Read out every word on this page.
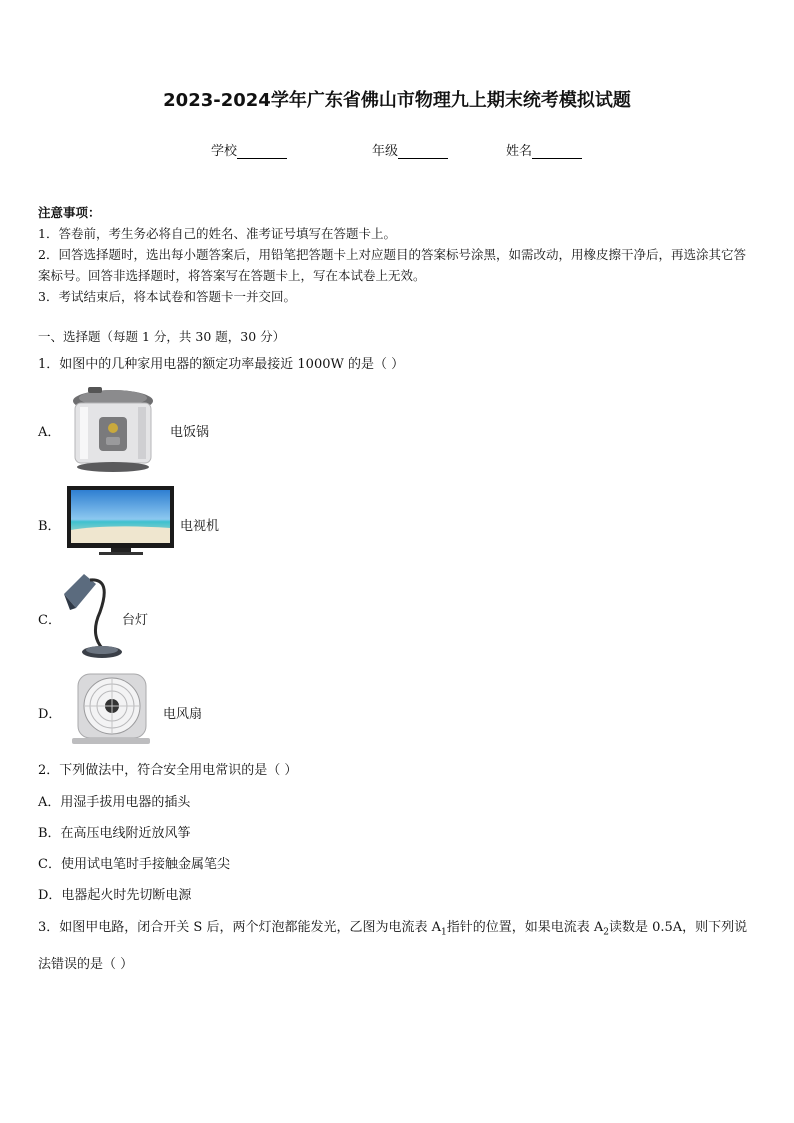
2023-2024学年广东省佛山市物理九上期末统考模拟试题
学校	年级	姓名
注意事项：
1．答卷前，考生务必将自己的姓名、准考证号填写在答题卡上。
2．回答选择题时，选出每小题答案后，用铅笔把答题卡上对应题目的答案标号涂黑，如需改动，用橡皮擦干净后，再选涂其它答案标号。回答非选择题时，将答案写在答题卡上，写在本试卷上无效。
3．考试结束后，将本试卷和答题卡一并交回。
一、选择题（每题 1 分，共 30 题，30 分）
1．如图中的几种家用电器的额定功率最接近 1000W 的是（ ）
A．	电饭锅
B．	电视机
C．	台灯
D．	电风扇
2．下列做法中，符合安全用电常识的是（ ）
A．用湿手拔用电器的插头
B．在高压电线附近放风筝
C．使用试电笔时手接触金属笔尖
D．电器起火时先切断电源
3．如图甲电路，闭合开关 S 后，两个灯泡都能发光，乙图为电流表 $A_1$指针的位置，如果电流表 $A_2$读数是 0.5A，则下列说法错误的是（ ）
